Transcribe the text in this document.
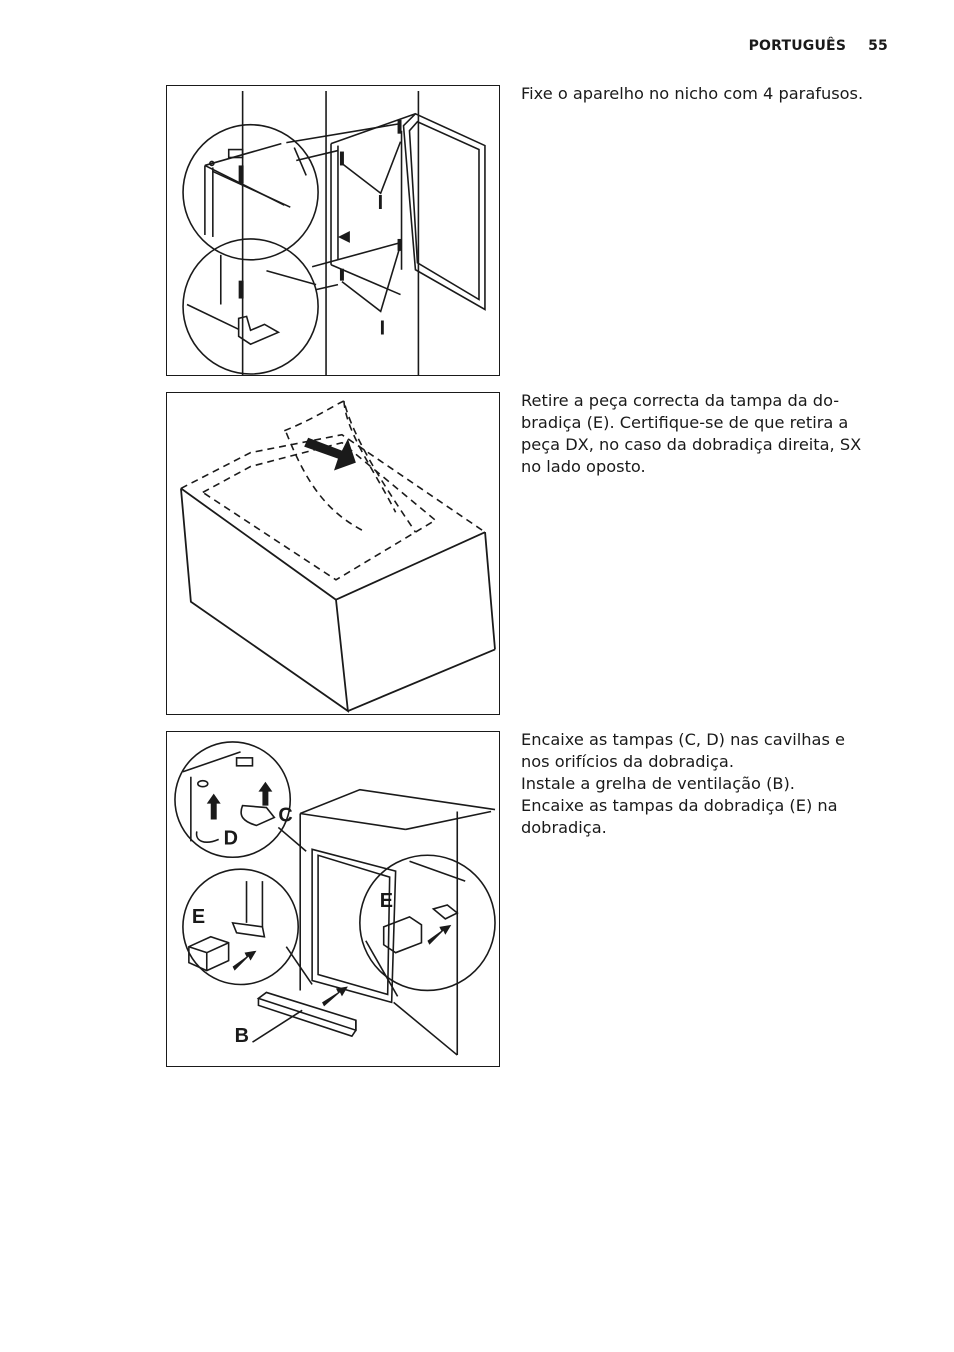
PORTUGUÊS 55
I
I

Fixe o aparelho no nicho com 4 parafusos.

Retire a peça correcta da tampa da do-

bradiça (E). Certifique-se de que retira a

peça DX, no caso da dobradiça direita, SX

no lado oposto.

C
D
E
E
B

Encaixe as tampas (C, D) nas cavilhas e

nos orifícios da dobradiça.

Instale a grelha de ventilação (B).

Encaixe as tampas da dobradiça (E) na

dobradiça.
